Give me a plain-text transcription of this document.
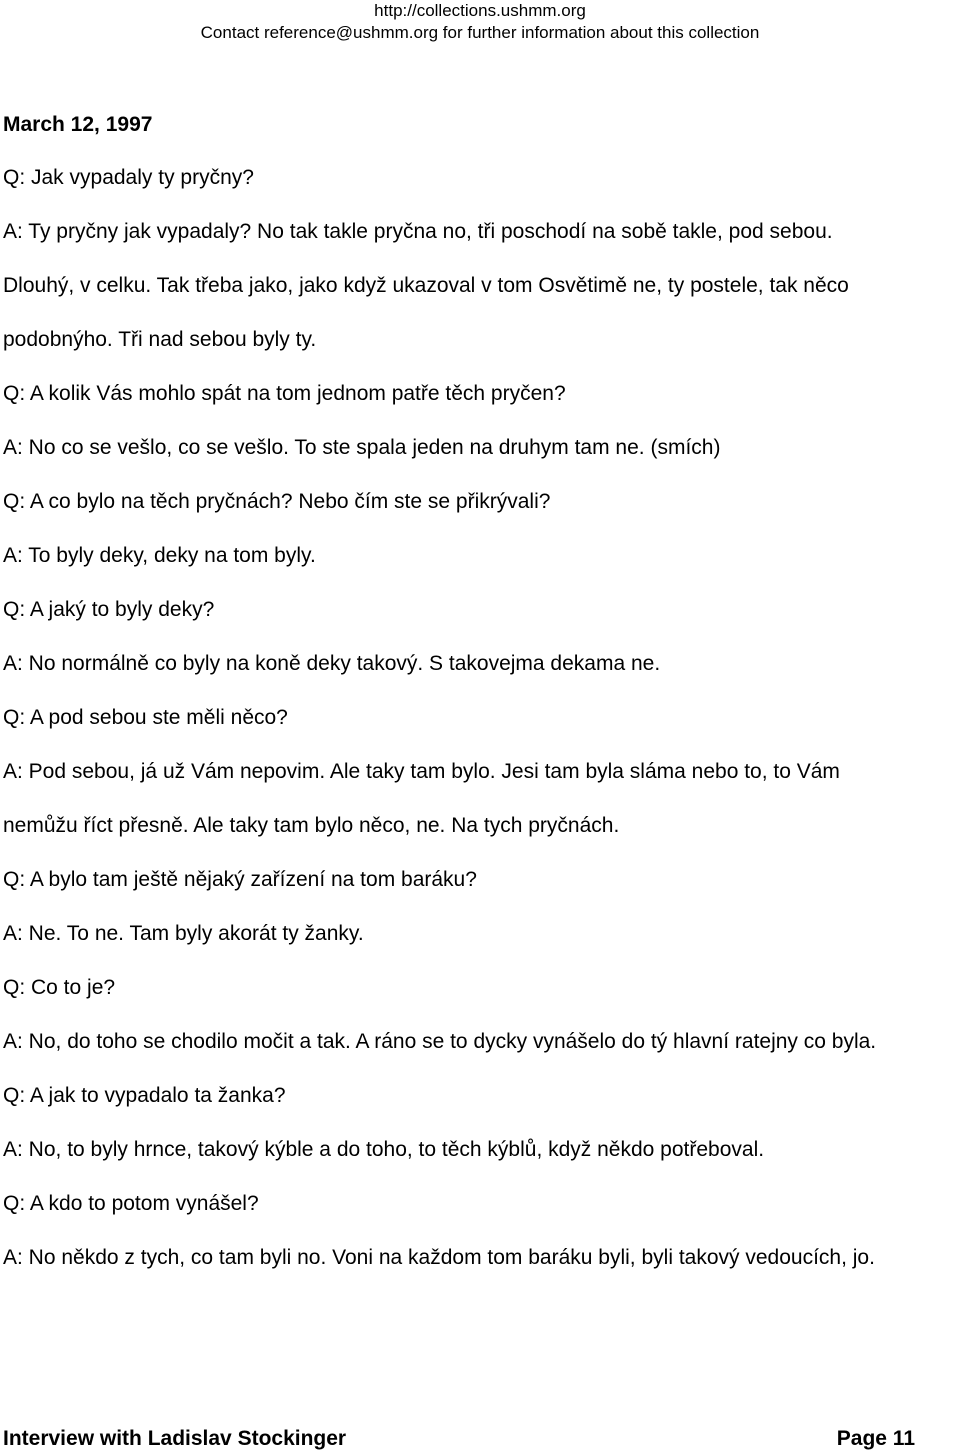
http://collections.ushmm.org
Contact reference@ushmm.org for further information about this collection
March 12, 1997
Q: Jak vypadaly ty pryčny?
A: Ty pryčny jak vypadaly? No tak takle pryčna no, tři poschodí na sobě takle, pod sebou.
Dlouhý, v celku. Tak třeba jako, jako když ukazoval v tom Osvětimě ne, ty postele, tak něco
podobnýho. Tři nad sebou byly ty.
Q: A kolik Vás mohlo spát na tom jednom patře těch pryčen?
A: No co se vešlo, co se vešlo. To ste spala jeden na druhym tam ne. (smích)
Q: A co bylo na těch pryčnách? Nebo čím ste se přikrývali?
A: To byly deky, deky na tom byly.
Q: A jaký to byly deky?
A: No normálně co byly na koně deky takový. S takovejma dekama ne.
Q: A pod sebou ste měli něco?
A: Pod sebou, já už Vám nepovim. Ale taky tam bylo. Jesi tam byla sláma nebo to, to Vám
nemůžu říct přesně. Ale taky tam bylo něco, ne. Na tych pryčnách.
Q: A bylo tam ještě nějaký zařízení na tom baráku?
A: Ne. To ne. Tam byly akorát ty žanky.
Q: Co to je?
A: No, do toho se chodilo močit a tak. A ráno se to dycky vynášelo do tý hlavní ratejny co byla.
Q: A jak to vypadalo ta žanka?
A: No, to byly hrnce, takový kýble a do toho, to těch kýblů, když někdo potřeboval.
Q: A kdo to potom vynášel?
A: No někdo z tych, co tam byli no. Voni na každom tom baráku byli, byli takový vedoucích, jo.
Interview with Ladislav Stockinger	Page 11
